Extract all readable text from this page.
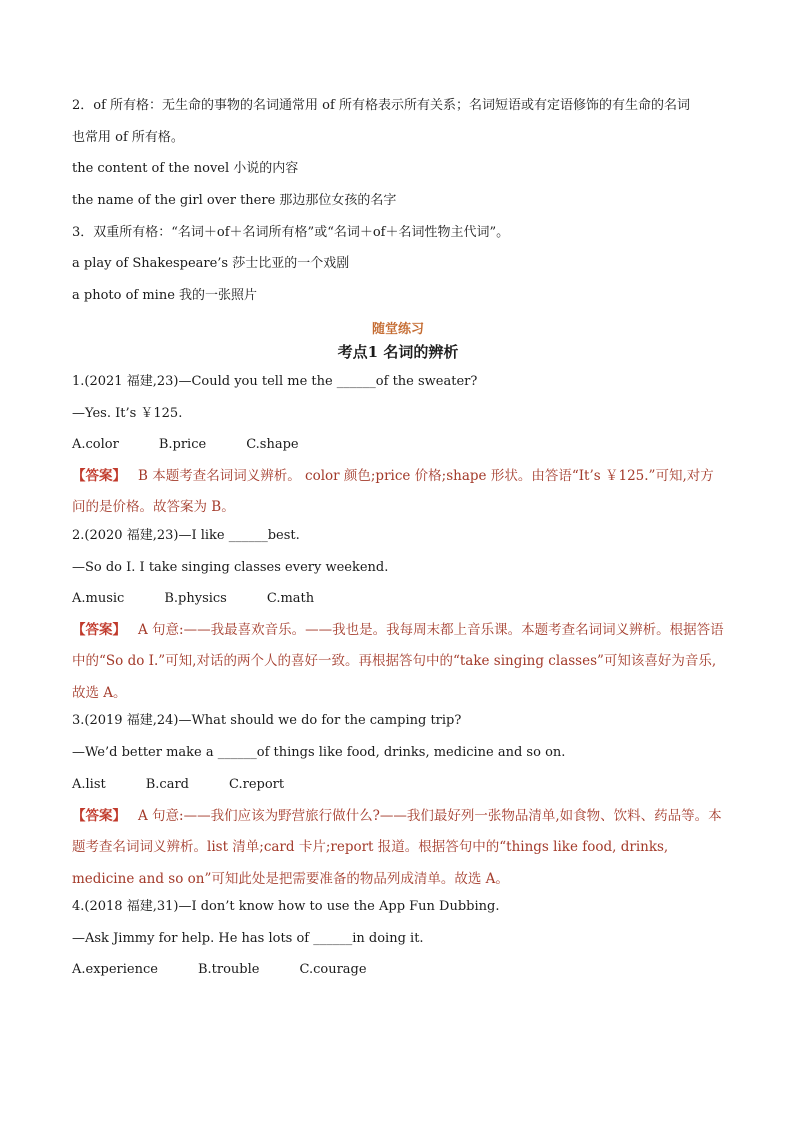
2．of 所有格：无生命的事物的名词通常用 of 所有格表示所有关系；名词短语或有定语修饰的有生命的名词
也常用 of 所有格。
the content of the novel 小说的内容
the name of the girl over there 那边那位女孩的名字
3．双重所有格：“名词＋of＋名词所有格”或“名词＋of＋名词性物主代词”。
a play of Shakespeare’s 莎士比亚的一个戏剧
a photo of mine 我的一张照片
随堂练习
考点1 名词的辨析
1.(2021 福建,23)—Could you tell me the ______of the sweater?
—Yes. It’s ￥125.
A.color	B.price	C.shape
【答案】 B 本题考查名词词义辨析。 color 颜色;price 价格;shape 形状。由答语“It’s ￥125.”可知,对方问的是价格。故答案为 B。
2.(2020 福建,23)—I like ______best.
—So do I. I take singing classes every weekend.
A.music	B.physics	C.math
【答案】 A 句意:——我最喜欢音乐。——我也是。我每周末都上音乐课。本题考查名词词义辨析。根据答语中的“So do I.”可知,对话的两个人的喜好一致。再根据答句中的“take singing classes”可知该喜好为音乐,故选 A。
3.(2019 福建,24)—What should we do for the camping trip?
—We’d better make a ______of things like food, drinks, medicine and so on.
A.list	B.card	C.report
【答案】 A 句意:——我们应该为野营旅行做什么?——我们最好列一张物品清单,如食物、饮料、药品等。本题考查名词词义辨析。list 清单;card 卡片;report 报道。根据答句中的“things like food, drinks, medicine and so on”可知此处是把需要准备的物品列成清单。故选 A。
4.(2018 福建,31)—I don’t know how to use the App Fun Dubbing.
—Ask Jimmy for help. He has lots of ______in doing it.
A.experience	B.trouble	C.courage
